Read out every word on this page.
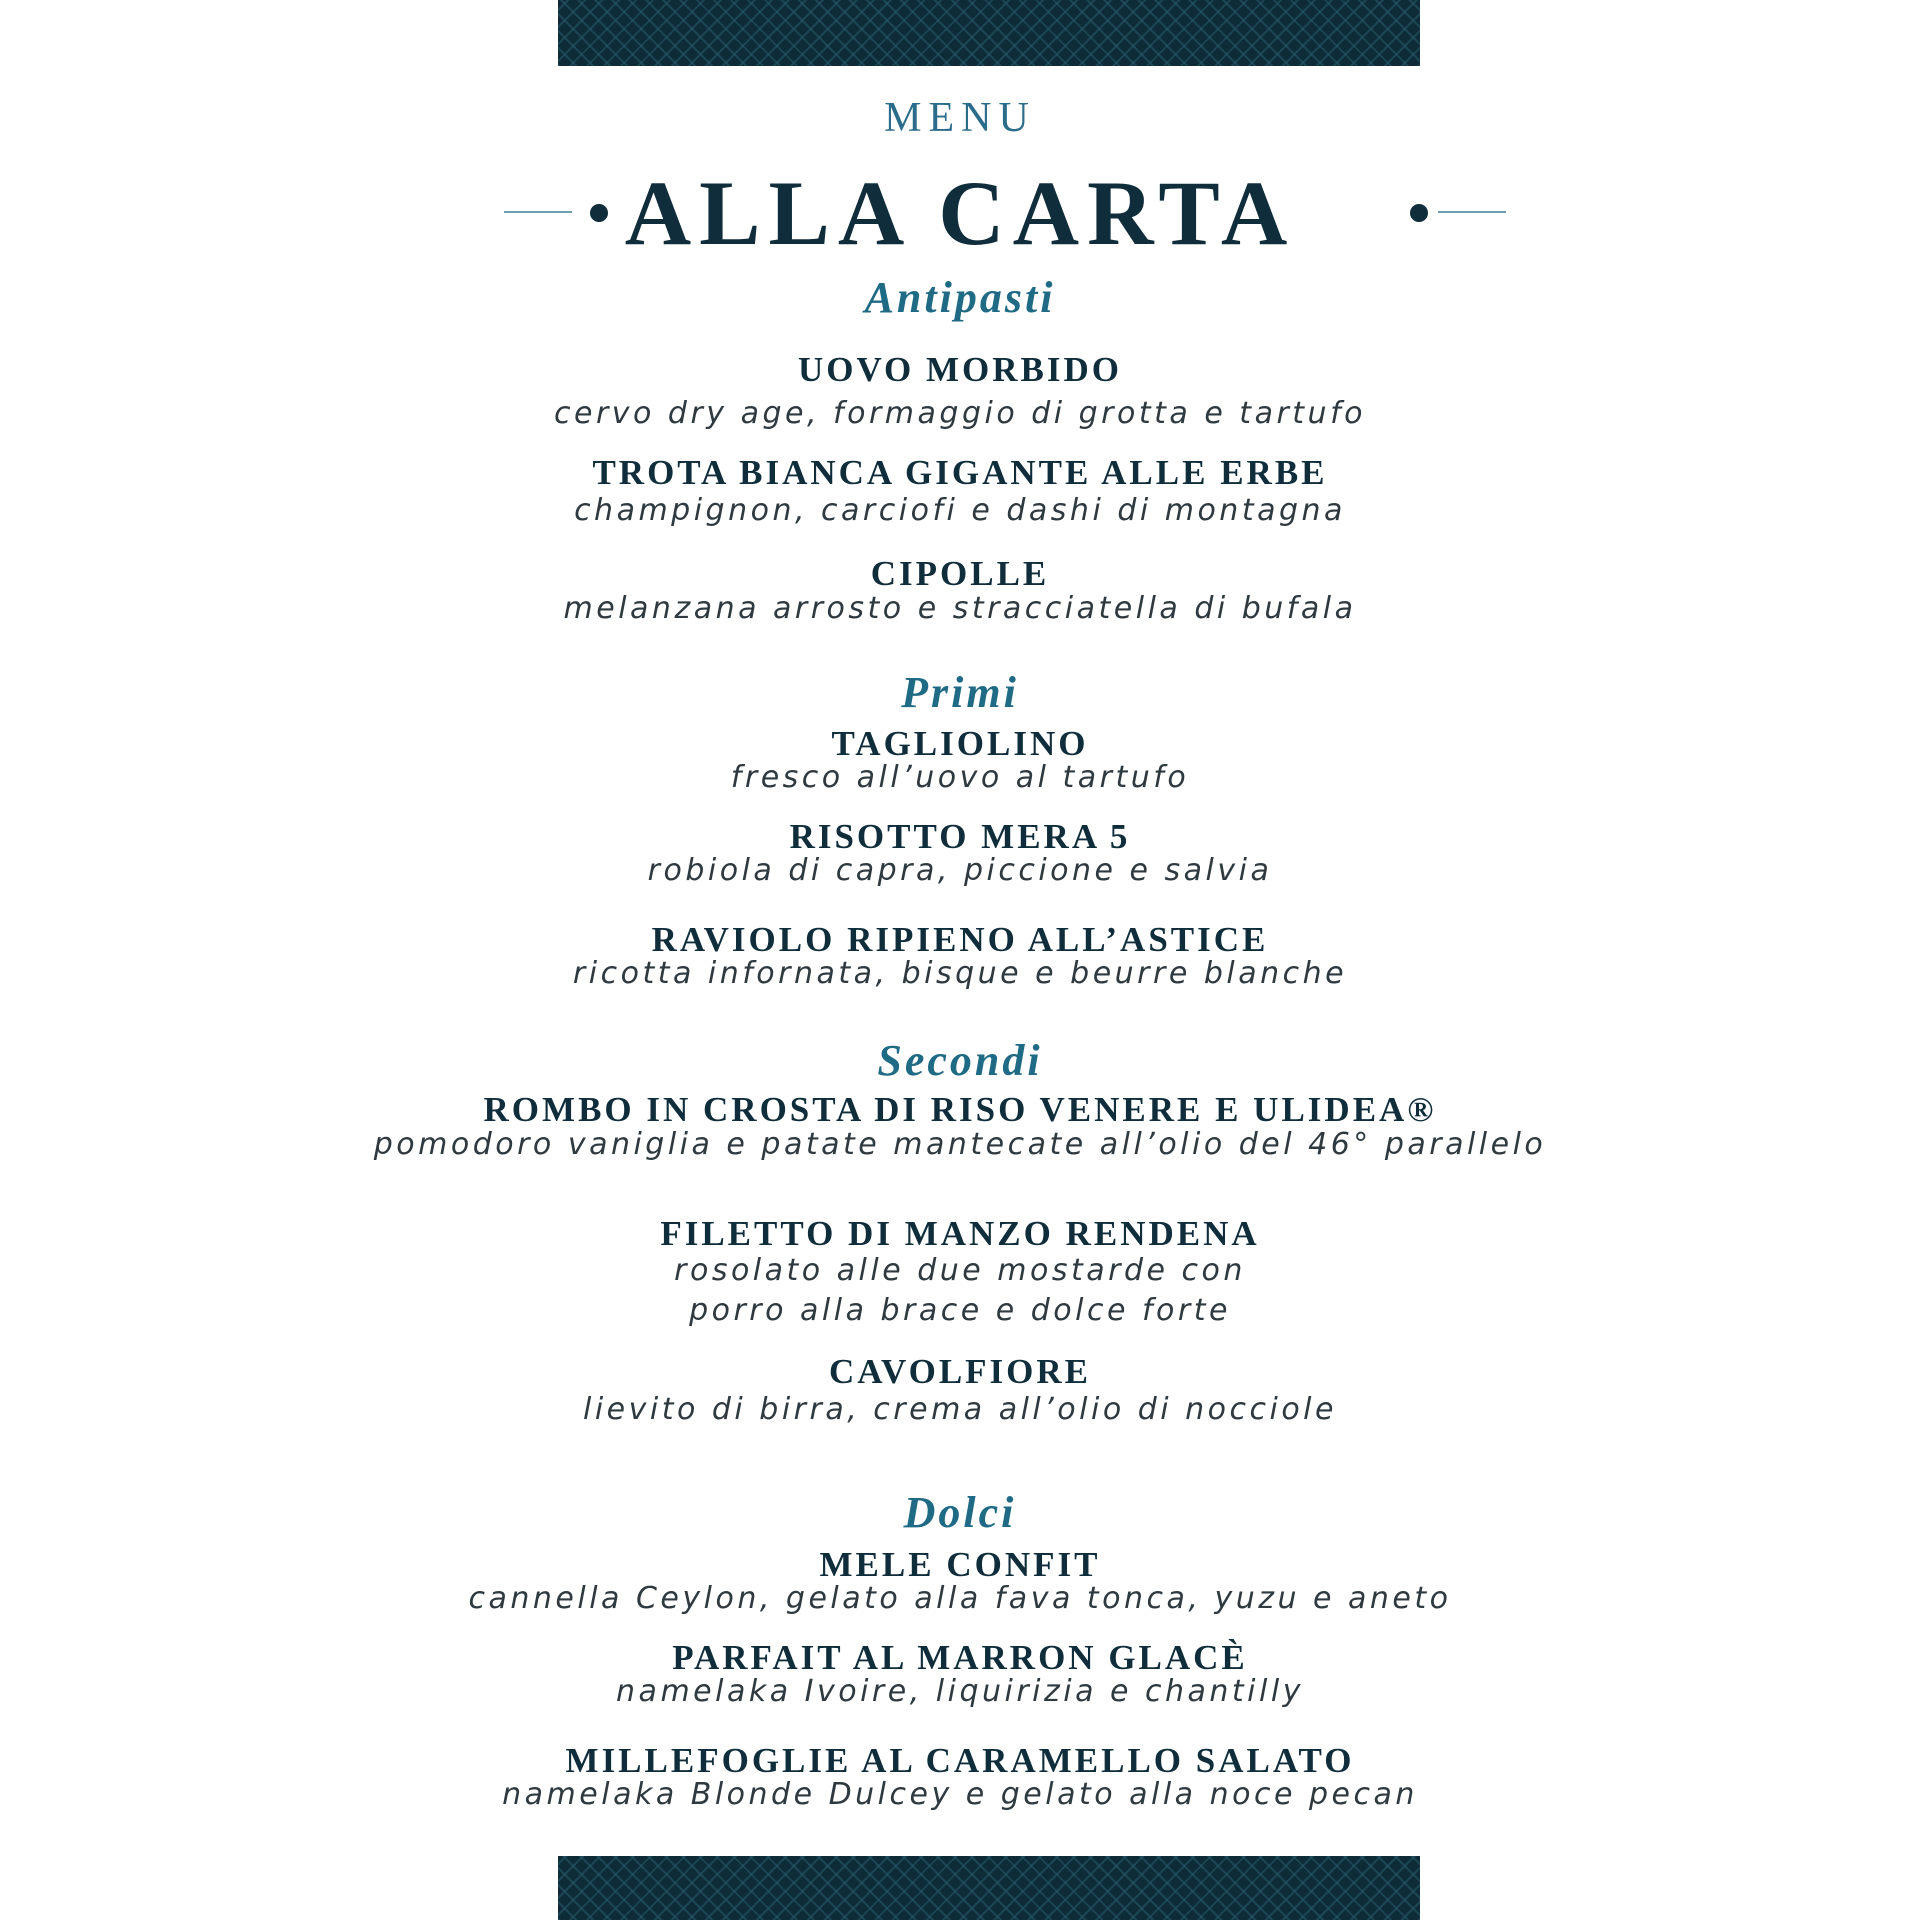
MENU
ALLA CARTA
Antipasti
UOVO MORBIDO
cervo dry age, formaggio di grotta e tartufo
TROTA BIANCA GIGANTE ALLE ERBE
champignon, carciofi e dashi di montagna
CIPOLLE
melanzana arrosto e stracciatella di bufala
Primi
TAGLIOLINO
fresco all’uovo al tartufo
RISOTTO MERA 5
robiola di capra, piccione e salvia
RAVIOLO RIPIENO ALL’ASTICE
ricotta infornata, bisque e beurre blanche
Secondi
ROMBO IN CROSTA DI RISO VENERE E ULIDEA®
pomodoro vaniglia e patate mantecate all’olio del 46° parallelo
FILETTO DI MANZO RENDENA
rosolato alle due mostarde con
porro alla brace e dolce forte
CAVOLFIORE
lievito di birra, crema all’olio di nocciole
Dolci
MELE CONFIT
cannella Ceylon, gelato alla fava tonca, yuzu e aneto
PARFAIT AL MARRON GLACÈ
namelaka Ivoire, liquirizia e chantilly
MILLEFOGLIE AL CARAMELLO SALATO
namelaka Blonde Dulcey e gelato alla noce pecan
